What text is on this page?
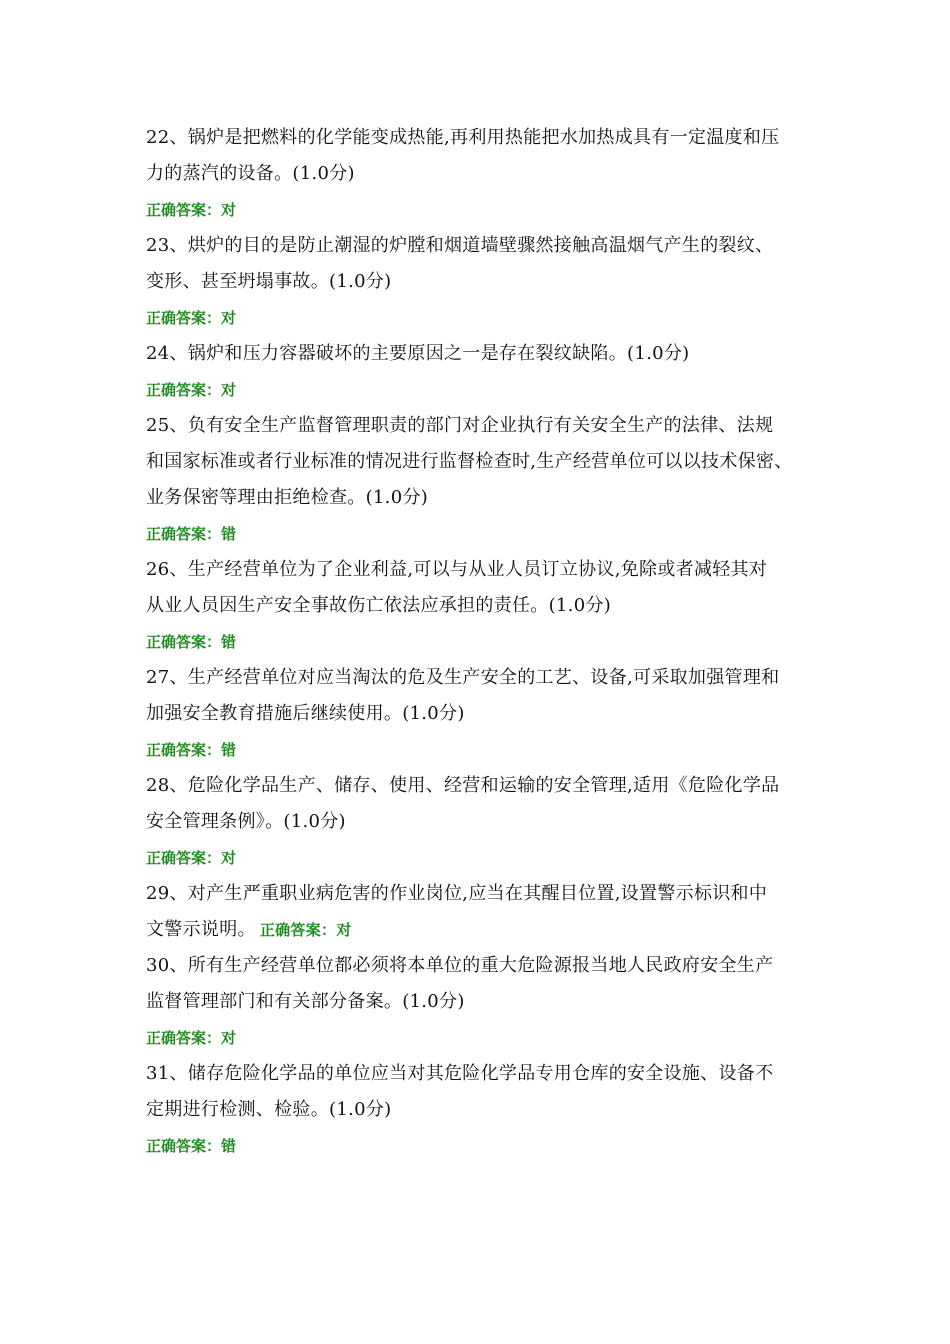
22、锅炉是把燃料的化学能变成热能,再利用热能把水加热成具有一定温度和压
力的蒸汽的设备。(1.0分)
正确答案：对
23、烘炉的目的是防止潮湿的炉膛和烟道墙壁骤然接触高温烟气产生的裂纹、
变形、甚至坍塌事故。(1.0分)
正确答案：对
24、锅炉和压力容器破坏的主要原因之一是存在裂纹缺陷。(1.0分)
正确答案：对
25、负有安全生产监督管理职责的部门对企业执行有关安全生产的法律、法规
和国家标准或者行业标准的情况进行监督检查时,生产经营单位可以以技术保密、
业务保密等理由拒绝检查。(1.0分)
正确答案：错
26、生产经营单位为了企业利益,可以与从业人员订立协议,免除或者减轻其对
从业人员因生产安全事故伤亡依法应承担的责任。(1.0分)
正确答案：错
27、生产经营单位对应当淘汰的危及生产安全的工艺、设备,可采取加强管理和
加强安全教育措施后继续使用。(1.0分)
正确答案：错
28、危险化学品生产、储存、使用、经营和运输的安全管理,适用《危险化学品
安全管理条例》。(1.0分)
正确答案：对
29、对产生严重职业病危害的作业岗位,应当在其醒目位置,设置警示标识和中
文警示说明。 正确答案：对
30、所有生产经营单位都必须将本单位的重大危险源报当地人民政府安全生产
监督管理部门和有关部分备案。(1.0分)
正确答案：对
31、储存危险化学品的单位应当对其危险化学品专用仓库的安全设施、设备不
定期进行检测、检验。(1.0分)
正确答案：错
